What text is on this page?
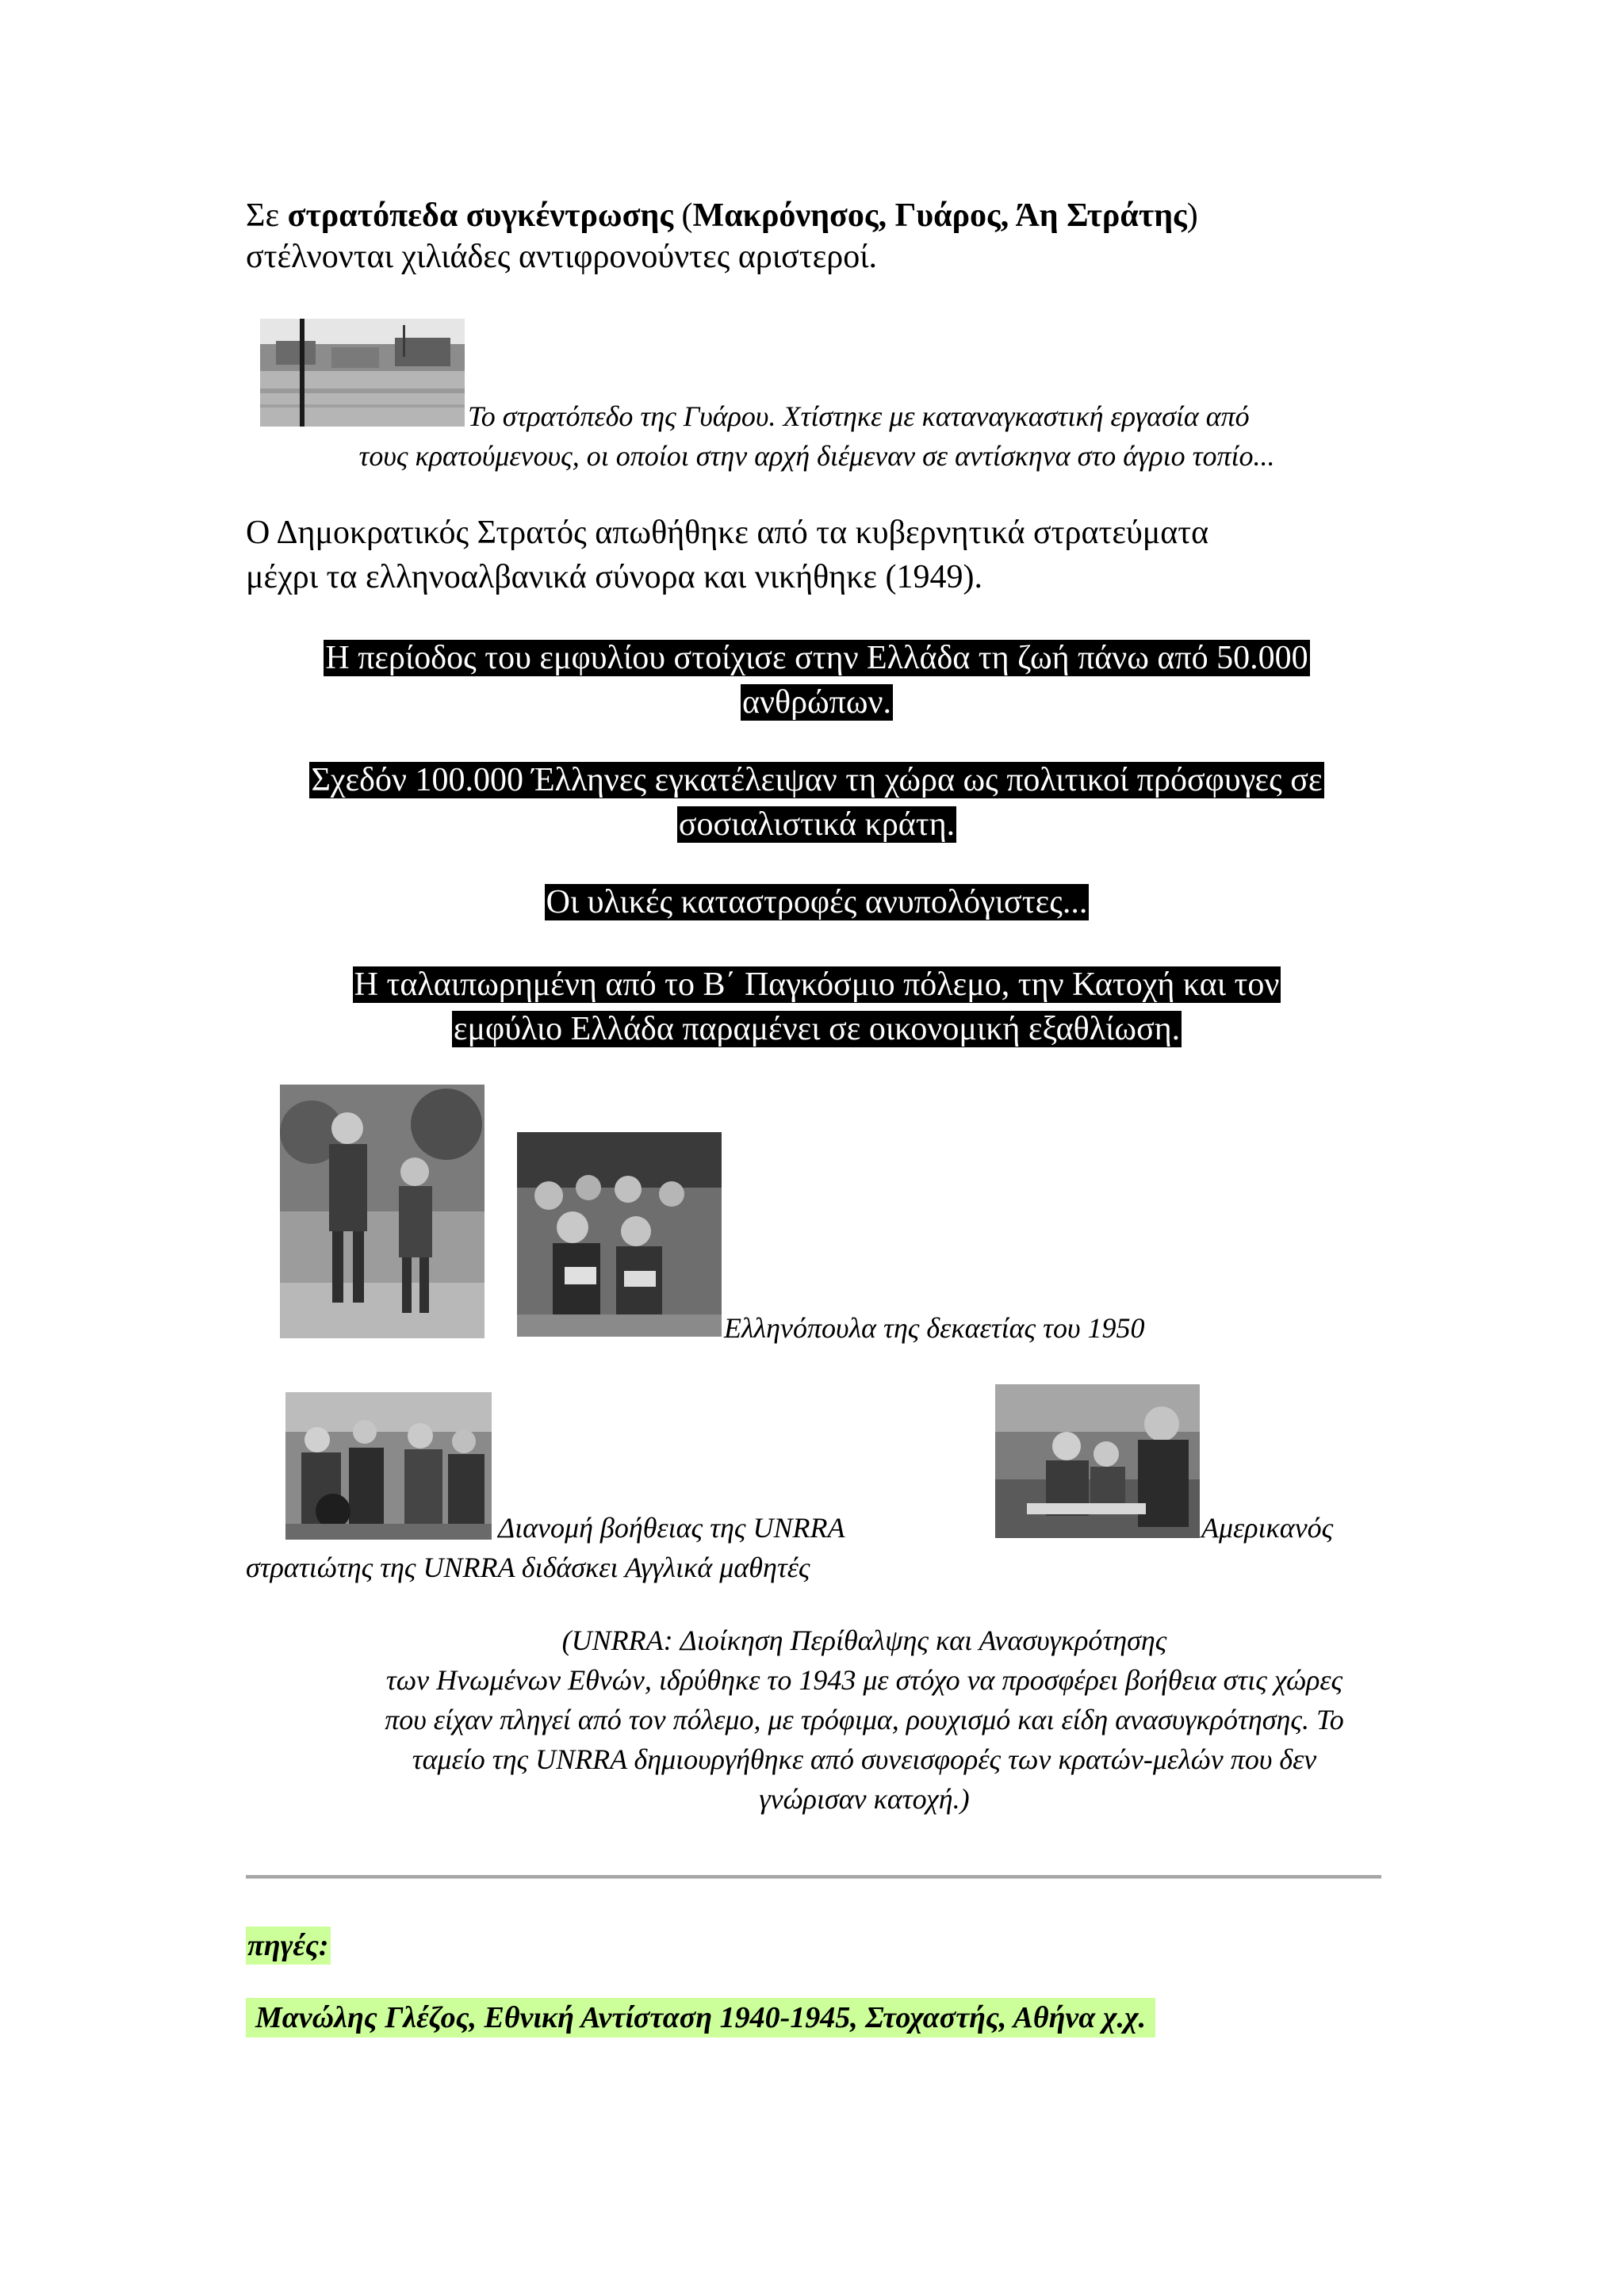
Σε στρατόπεδα συγκέντρωσης (Μακρόνησος, Γυάρος, Άη Στράτης)
στέλνονται χιλιάδες αντιφρονούντες αριστεροί.
Το στρατόπεδο της Γυάρου. Χτίστηκε με καταναγκαστική εργασία από
τους κρατούμενους, οι οποίοι στην αρχή διέμεναν σε αντίσκηνα στο άγριο τοπίο...
Ο Δημοκρατικός Στρατός απωθήθηκε από τα κυβερνητικά στρατεύματα
μέχρι τα ελληνοαλβανικά σύνορα και νικήθηκε (1949).
Η περίοδος του εμφυλίου στοίχισε στην Ελλάδα τη ζωή πάνω από 50.000
ανθρώπων.
Σχεδόν 100.000 Έλληνες εγκατέλειψαν τη χώρα ως πολιτικοί πρόσφυγες σε
σοσιαλιστικά κράτη.
Οι υλικές καταστροφές ανυπολόγιστες...
Η ταλαιπωρημένη από το Β΄ Παγκόσμιο πόλεμο, την Κατοχή και τον
εμφύλιο Ελλάδα παραμένει σε οικονομική εξαθλίωση.
Ελληνόπουλα της δεκαετίας του 1950
Διανομή βοήθειας της UNRRA
στρατιώτης της UNRRA διδάσκει Αγγλικά μαθητές
Αμερικανός
(UNRRA: Διοίκηση Περίθαλψης και Ανασυγκρότησης
των Ηνωμένων Εθνών, ιδρύθηκε το 1943 με στόχο να προσφέρει βοήθεια στις χώρες
που είχαν πληγεί από τον πόλεμο, με τρόφιμα, ρουχισμό και είδη ανασυγκρότησης. Το
ταμείο της UNRRA δημιουργήθηκε από συνεισφορές των κρατών-μελών που δεν
γνώρισαν κατοχή.)
πηγές:
Μανώλης Γλέζος, Εθνική Αντίσταση 1940-1945, Στοχαστής, Αθήνα χ.χ.
